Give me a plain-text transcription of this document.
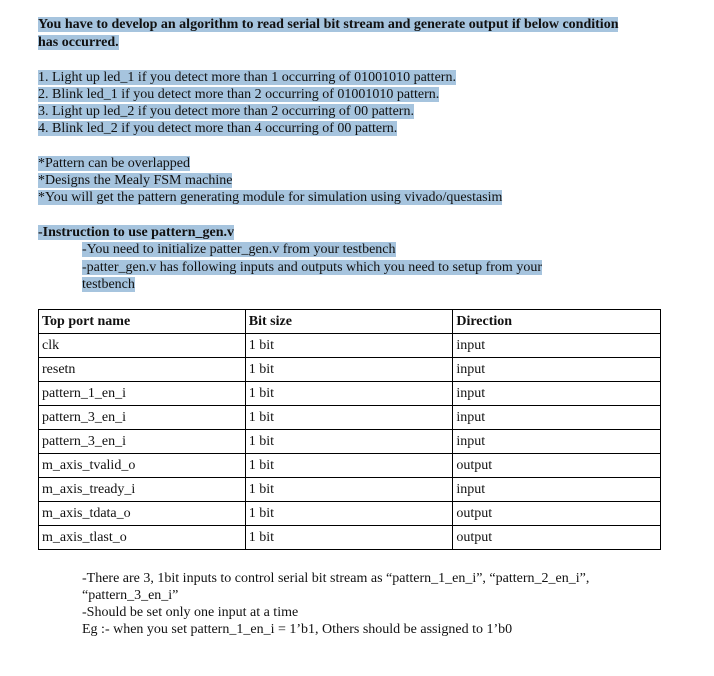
You have to develop an algorithm to read serial bit stream and generate output if below condition
has occurred.
1. Light up led_1 if you detect more than 1 occurring of 01001010 pattern.
2. Blink led_1 if you detect more than 2 occurring of 01001010 pattern.
3. Light up led_2 if you detect more than 2 occurring of 00 pattern.
4. Blink led_2 if you detect more than 4 occurring of 00 pattern.
*Pattern can be overlapped
*Designs the Mealy FSM machine
*You will get the pattern generating module for simulation using vivado/questasim
-Instruction to use pattern_gen.v
-You need to initialize patter_gen.v from your testbench
-patter_gen.v has following inputs and outputs which you need to setup from your
testbench
Top port name	Bit size	Direction
clk	1 bit	input
resetn	1 bit	input
pattern_1_en_i	1 bit	input
pattern_3_en_i	1 bit	input
pattern_3_en_i	1 bit	input
m_axis_tvalid_o	1 bit	output
m_axis_tready_i	1 bit	input
m_axis_tdata_o	1 bit	output
m_axis_tlast_o	1 bit	output
-There are 3, 1bit inputs to control serial bit stream as “pattern_1_en_i”, “pattern_2_en_i”,
“pattern_3_en_i”
-Should be set only one input at a time
Eg :- when you set pattern_1_en_i = 1’b1, Others should be assigned to 1’b0
